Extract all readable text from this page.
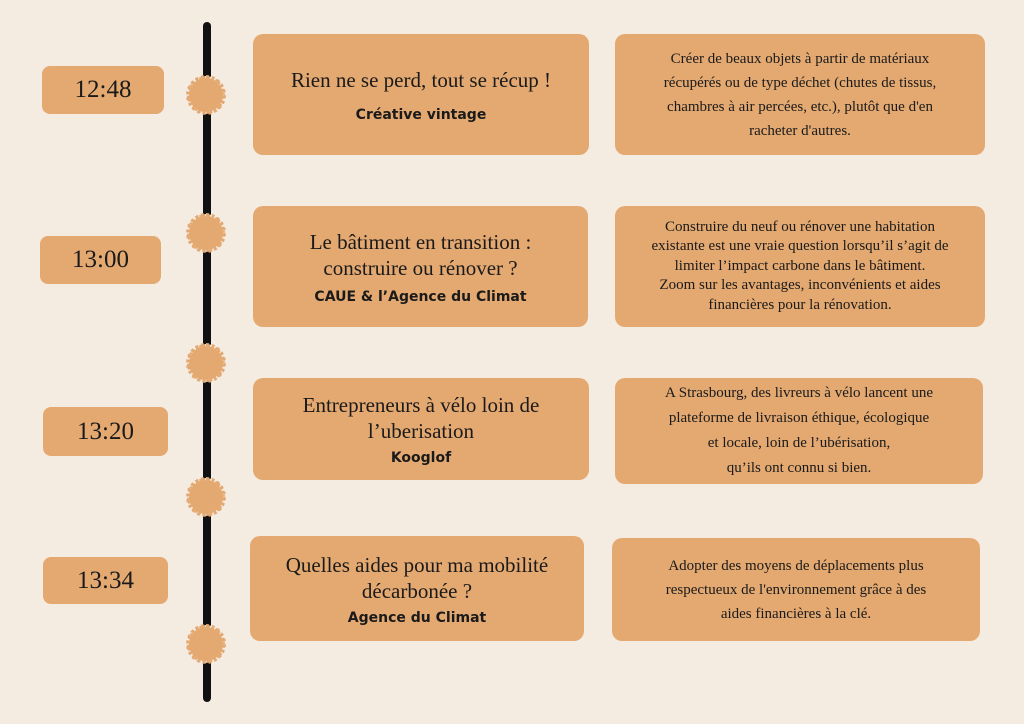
12:48	Rien ne se perd, tout se récup !
Créative vintage
Créer de beaux objets à partir de matériaux
récupérés ou de type déchet (chutes de tissus,
chambres à air percées, etc.), plutôt que d'en
racheter d'autres.
13:00
Le bâtiment en transition :
construire ou rénover ?
CAUE & l’Agence du Climat
Construire du neuf ou rénover une habitation
existante est une vraie question lorsqu’il s’agit de
limiter l’impact carbone dans le bâtiment.
Zoom sur les avantages, inconvénients et aides
financières pour la rénovation.
13:20
Entrepreneurs à vélo loin de
l’uberisation
Kooglof
A Strasbourg, des livreurs à vélo lancent une
plateforme de livraison éthique, écologique
et locale, loin de l’ubérisation,
qu’ils ont connu si bien.
13:34
Quelles aides pour ma mobilité
décarbonée ?
Agence du Climat
Adopter des moyens de déplacements plus
respectueux de l'environnement grâce à des
aides financières à la clé.
